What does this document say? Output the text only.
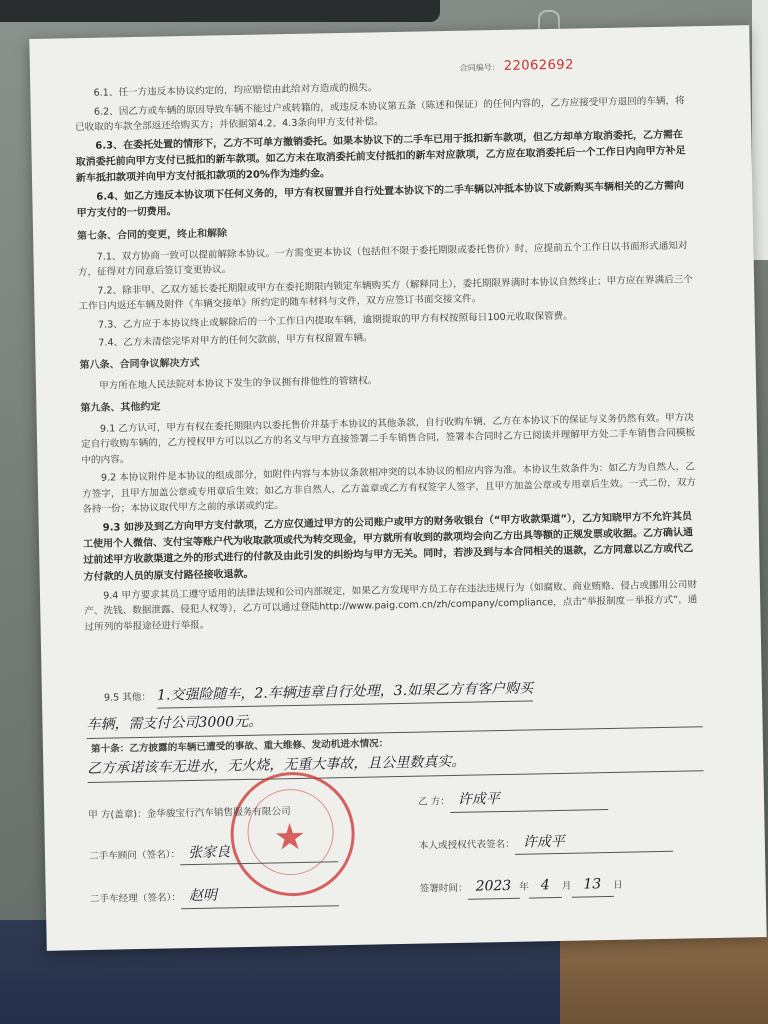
合同编号： 22062692

6.1、任一方违反本协议约定的，均应赔偿由此给对方造成的损失。

6.2、因乙方或车辆的原因导致车辆不能过户或转籍的，或违反本协议第五条（陈述和保证）的任何内容的，乙方应接受甲方退回的车辆，将已收取的车款全部返还给购买方；并依据第4.2、4.3条向甲方支付补偿。

6.3、在委托处置的情形下，乙方不可单方撤销委托。如果本协议下的二手车已用于抵扣新车款项，但乙方却单方取消委托，乙方需在取消委托前向甲方支付已抵扣的新车款项。如乙方未在取消委托前支付抵扣的新车对应款项，乙方应在取消委托后一个工作日内向甲方补足新车抵扣款项并向甲方支付抵扣款项的20%作为违约金。

6.4、如乙方违反本协议项下任何义务的，甲方有权留置并自行处置本协议下的二手车辆以冲抵本协议下或新购买车辆相关的乙方需向甲方支付的一切费用。

第七条、合同的变更，终止和解除

7.1、双方协商一致可以提前解除本协议。一方需变更本协议（包括但不限于委托期限或委托售价）时，应提前五个工作日以书面形式通知对方，征得对方同意后签订变更协议。

7.2、除非甲、乙双方延长委托期限或甲方在委托期限内锁定车辆购买方（解释同上），委托期限界满时本协议自然终止；甲方应在界满后三个工作日内返还车辆及附件《车辆交接单》所约定的随车材料与文件，双方应签订书面交接文件。

7.3、乙方应于本协议终止或解除后的一个工作日内提取车辆，逾期提取的甲方有权按照每日100元收取保管费。

7.4、乙方未清偿完毕对甲方的任何欠款前，甲方有权留置车辆。

第八条、合同争议解决方式

甲方所在地人民法院对本协议下发生的争议拥有排他性的管辖权。

第九条、其他约定

9.1 乙方认可，甲方有权在委托期限内以委托售价并基于本协议的其他条款，自行收购车辆，乙方在本协议下的保证与义务仍然有效。甲方决定自行收购车辆的，乙方授权甲方可以以乙方的名义与甲方直接签署二手车销售合同，签署本合同时乙方已阅读并理解甲方处二手车销售合同模板中的内容。

9.2 本协议附件是本协议的组成部分，如附件内容与本协议条款相冲突的以本协议的相应内容为准。本协议生效条件为：如乙方为自然人，乙方签字，且甲方加盖公章或专用章后生效；如乙方非自然人，乙方盖章或乙方有权签字人签字，且甲方加盖公章或专用章后生效。一式二份，双方各持一份；本协议取代甲方之前的承诺或约定。

9.3 如涉及到乙方向甲方支付款项，乙方应仅通过甲方的公司账户或甲方的财务收银台（“甲方收款渠道”），乙方知晓甲方不允许其员工使用个人微信、支付宝等账户代为收取款项或代为转交现金，甲方就所有收到的款项均会向乙方出具等额的正规发票或收据。乙方确认通过前述甲方收款渠道之外的形式进行的付款及由此引发的纠纷均与甲方无关。同时，若涉及到与本合同相关的退款，乙方同意以乙方或代乙方付款的人员的原支付路径接收退款。

9.4 甲方要求其员工遵守适用的法律法规和公司内部规定，如果乙方发现甲方员工存在违法违规行为（如腐败、商业贿赂、侵占或挪用公司财产、洗钱、数据泄露、侵犯人权等），乙方可以通过登陆http://www.paig.com.cn/zh/company/compliance，点击“举报制度－举报方式”，通过所列的举报途径进行举报。

9.5 其他： 1.交强险随车，2.车辆违章自行处理，3.如果乙方有客户购买
车辆，需支付公司3000元。
第十条：乙方披露的车辆已遭受的事故、重大维修、发动机进水情况：
乙方承诺该车无进水，无火烧，无重大事故，且公里数真实。
★
甲 方(盖章)： 金华骏宝行汽车销售服务有限公司
二手车顾问（签名）： 张家良
二手车经理（签名）： 赵明
乙 方： 许成平
本人或授权代表签名： 许成平
签署时间： 2023 年 4	月 13	日
